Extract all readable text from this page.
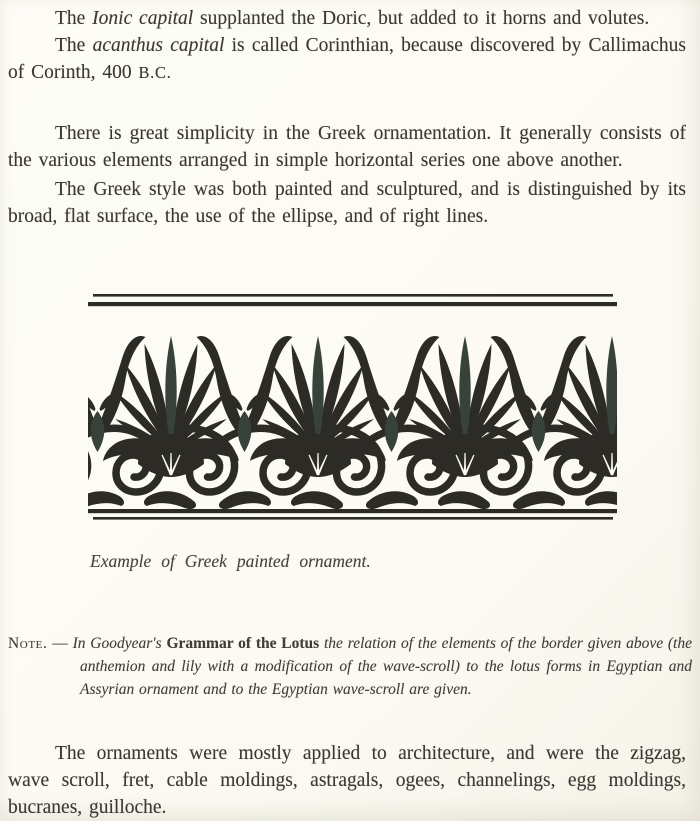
The Ionic capital supplanted the Doric, but added to it horns and volutes.

The acanthus capital is called Corinthian, because discovered by Callimachus of Corinth, 400 B.C.

There is great simplicity in the Greek ornamentation. It generally consists of the various elements arranged in simple horizontal series one above another.

The Greek style was both painted and sculptured, and is distinguished by its broad, flat surface, the use of the ellipse, and of right lines.

Example of Greek painted ornament.
Note. — In Goodyear's Grammar of the Lotus the relation of the elements of the border given above (the anthemion and lily with a modification of the wave-scroll) to the lotus forms in Egyptian and Assyrian ornament and to the Egyptian wave-scroll are given.

The ornaments were mostly applied to architecture, and were the zigzag, wave scroll, fret, cable moldings, astragals, ogees, channelings, egg moldings, bucranes, guilloche.
